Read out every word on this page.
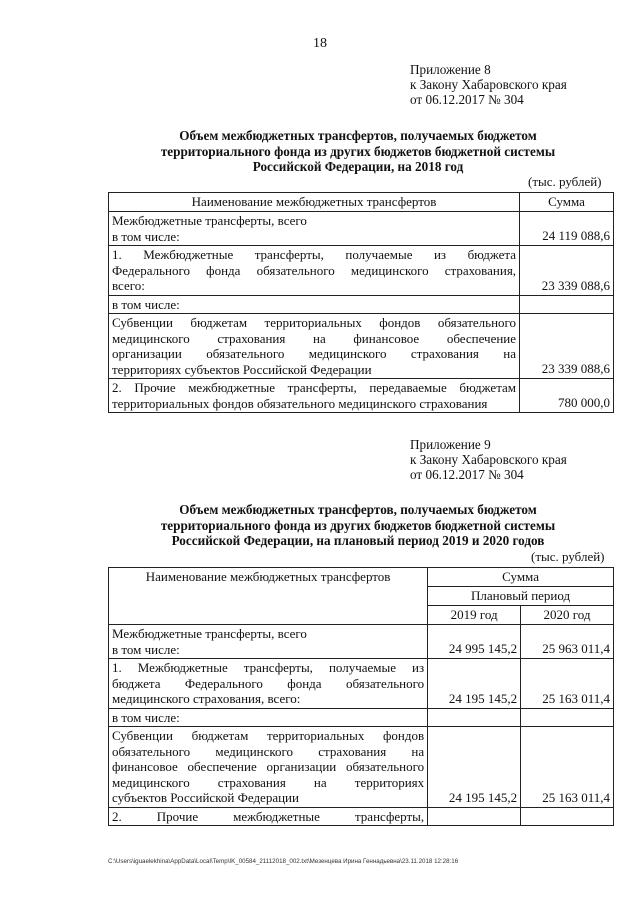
18
Приложение 8
к Закону Хабаровского края
от 06.12.2017 № 304
Объем межбюджетных трансфертов, получаемых бюджетом
территориального фонда из других бюджетов бюджетной системы
Российской Федерации, на 2018 год
(тыс. рублей)
Наименование межбюджетных трансфертов	Сумма

Межбюджетные трансферты, всего
в том числе:	24 119 088,6

1. Межбюджетные трансферты, получаемые из бюджета
Федерального фонда обязательного медицинского страхования,
всего:	23 339 088,6

в том числе:	

Субвенции бюджетам территориальных фондов обязательного
медицинского страхования на финансовое обеспечение
организации обязательного медицинского страхования на
территориях субъектов Российской Федерации	23 339 088,6

2. Прочие межбюджетные трансферты, передаваемые бюджетам
территориальных фондов обязательного медицинского страхования	780 000,0
Приложение 9
к Закону Хабаровского края
от 06.12.2017 № 304
Объем межбюджетных трансфертов, получаемых бюджетом
территориального фонда из других бюджетов бюджетной системы
Российской Федерации, на плановый период 2019 и 2020 годов
(тыс. рублей)
Наименование межбюджетных трансфертов	Сумма	
	Плановый период	
	2019 год	2020 год

Межбюджетные трансферты, всего
в том числе:	24 995 145,2	25 963 011,4

1. Межбюджетные трансферты, получаемые из
бюджета Федерального фонда обязательного
медицинского страхования, всего:	24 195 145,2	25 163 011,4

в том числе:		

Субвенции бюджетам территориальных фондов
обязательного медицинского страхования на
финансовое обеспечение организации обязательного
медицинского страхования на территориях
субъектов Российской Федерации	24 195 145,2	25 163 011,4

2. Прочие межбюджетные трансферты,		

C:\Users\iguaelekhina\AppData\Local\Temp\IK_00584_21112018_002.txt\Мезенцева Ирина Геннадьевна\23.11.2018 12:28:16
